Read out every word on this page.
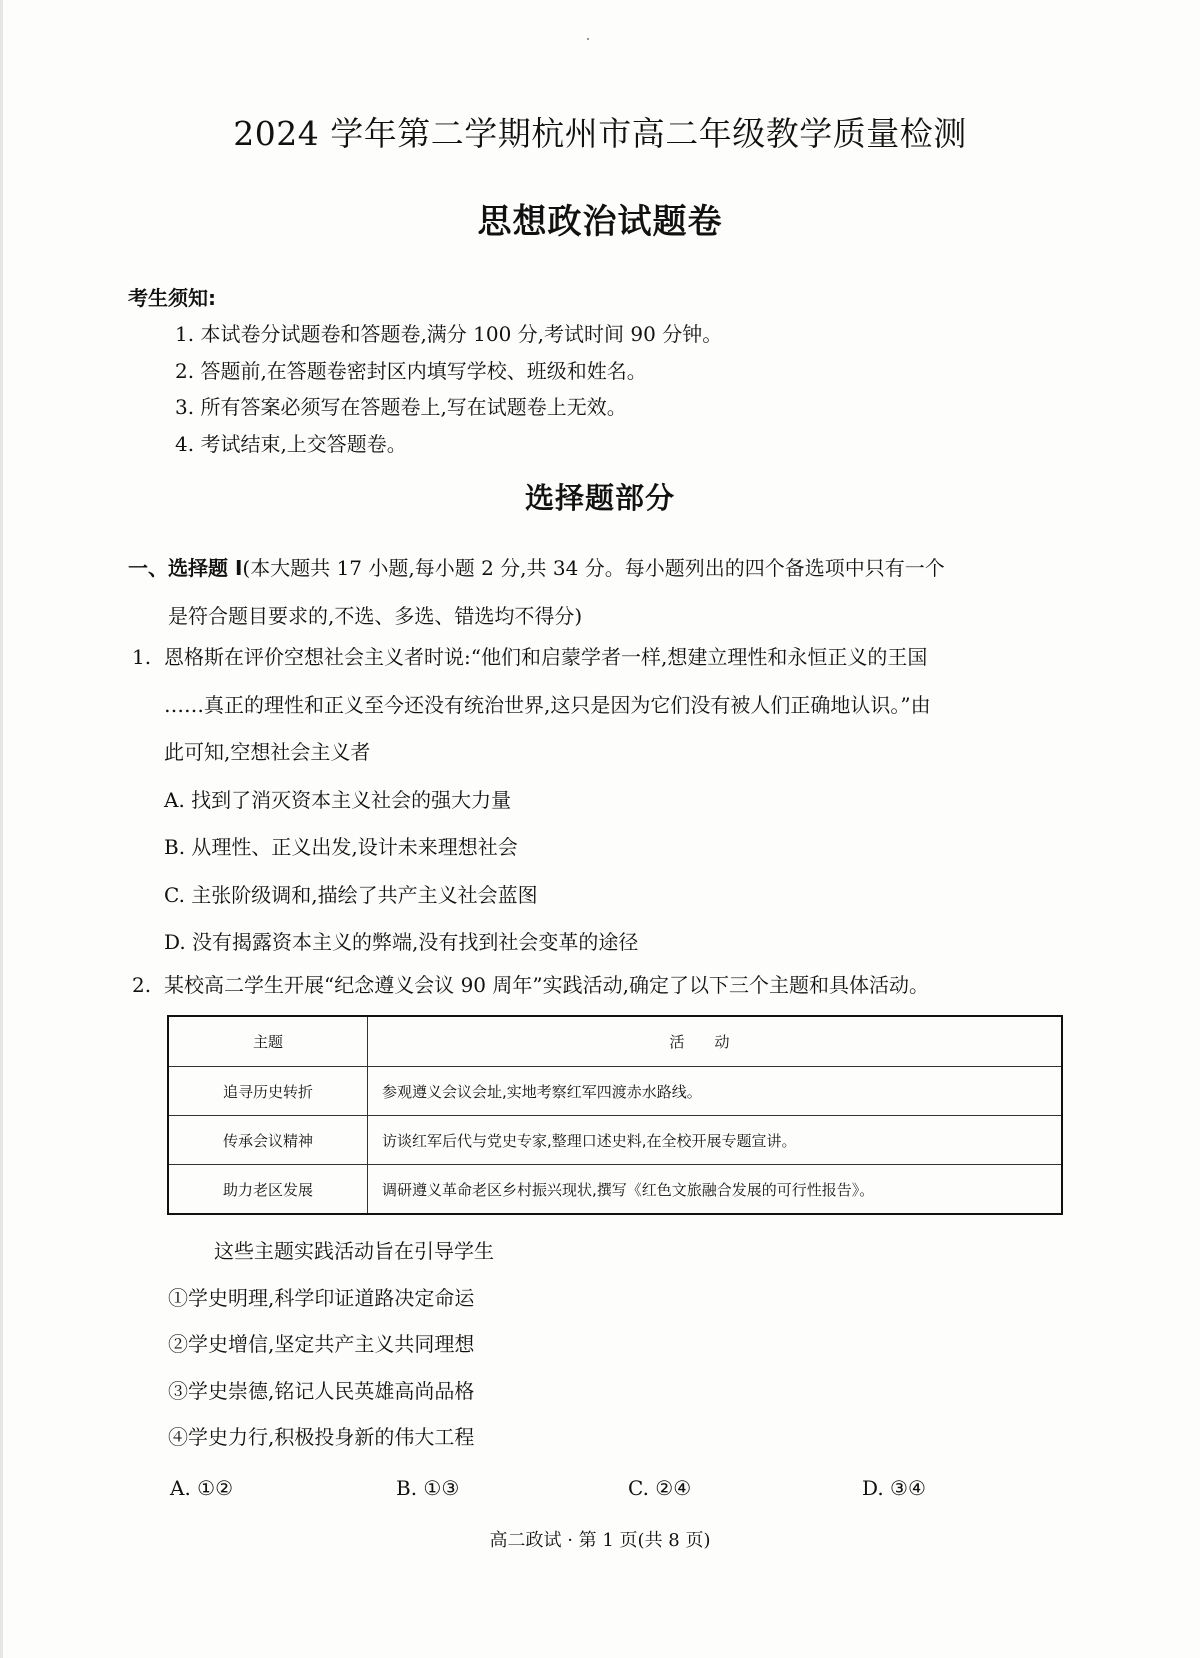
2024 学年第二学期杭州市高二年级教学质量检测
思想政治试题卷
考生须知:
1. 本试卷分试题卷和答题卷,满分 100 分,考试时间 90 分钟。
2. 答题前,在答题卷密封区内填写学校、班级和姓名。
3. 所有答案必须写在答题卷上,写在试题卷上无效。
4. 考试结束,上交答题卷。
选择题部分
一、选择题 Ⅰ(本大题共 17 小题,每小题 2 分,共 34 分。每小题列出的四个备选项中只有一个
是符合题目要求的,不选、多选、错选均不得分)
1. 恩格斯在评价空想社会主义者时说:“他们和启蒙学者一样,想建立理性和永恒正义的王国
……真正的理性和正义至今还没有统治世界,这只是因为它们没有被人们正确地认识。”由
此可知,空想社会主义者
A. 找到了消灭资本主义社会的强大力量
B. 从理性、正义出发,设计未来理想社会
C. 主张阶级调和,描绘了共产主义社会蓝图
D. 没有揭露资本主义的弊端,没有找到社会变革的途径
2. 某校高二学生开展“纪念遵义会议 90 周年”实践活动,确定了以下三个主题和具体活动。
主题	活动
追寻历史转折	参观遵义会议会址,实地考察红军四渡赤水路线。
传承会议精神	访谈红军后代与党史专家,整理口述史料,在全校开展专题宣讲。
助力老区发展	调研遵义革命老区乡村振兴现状,撰写《红色文旅融合发展的可行性报告》。
这些主题实践活动旨在引导学生
①学史明理,科学印证道路决定命运
②学史增信,坚定共产主义共同理想
③学史崇德,铭记人民英雄高尚品格
④学史力行,积极投身新的伟大工程
A. ①②	B. ①③	C. ②④	D. ③④
高二政试 · 第 1 页(共 8 页)
